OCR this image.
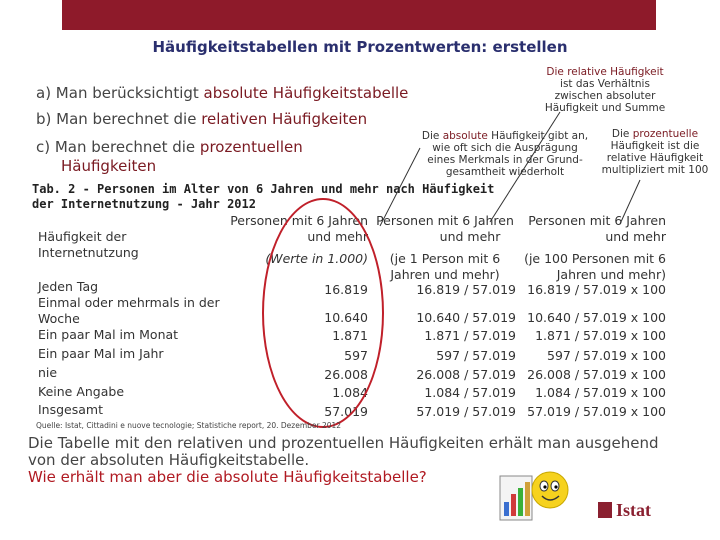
Häufigkeitstabellen mit Prozentwerten: erstellen
a) Man berücksichtigt absolute Häufigkeitstabelle
b) Man berechnet die relativen Häufigkeiten
c) Man berechnet die prozentuellen
Häufigkeiten
Die relative Häufigkeit
ist das Verhältnis
zwischen absoluter
Häufigkeit und Summe
Die absolute Häufigkeit gibt an,
wie oft sich die Ausprägung
eines Merkmals in der Grund-
gesamtheit wiederholt
Die prozentuelle
Häufigkeit ist die
relative Häufigkeit
multipliziert mit 100
Tab. 2 - Personen im Alter von 6 Jahren und mehr nach Häufigkeit
der Internetnutzung - Jahr 2012
Häufigkeit der
Internetnutzung
Personen mit 6 Jahren
und mehr
(Werte in 1.000)
Personen mit 6 Jahren
und mehr
(je 1 Person mit 6
Jahren und mehr)
Personen mit 6 Jahren
und mehr
(je 100 Personen mit 6
Jahren und mehr)
Jeden Tag
Einmal oder mehrmals in der
Woche
Ein paar Mal im Monat
Ein paar Mal im Jahr
nie
Keine Angabe
Insgesamt
16.819
10.640
1.871
597
26.008
1.084
57.019
16.819 / 57.019
10.640 / 57.019
1.871 / 57.019
597 / 57.019
26.008 / 57.019
1.084 / 57.019
57.019 / 57.019
16.819 / 57.019 x 100
10.640 / 57.019 x 100
1.871 / 57.019 x 100
597 / 57.019 x 100
26.008 / 57.019 x 100
1.084 / 57.019 x 100
57.019 / 57.019 x 100
Quelle: Istat, Cittadini e nuove tecnologie; Statistiche report, 20. Dezember 2012
Die Tabelle mit den relativen und prozentuellen Häufigkeiten erhält man ausgehend
von der absoluten Häufigkeitstabelle.
Wie erhält man aber die absolute Häufigkeitstabelle?
Istat
